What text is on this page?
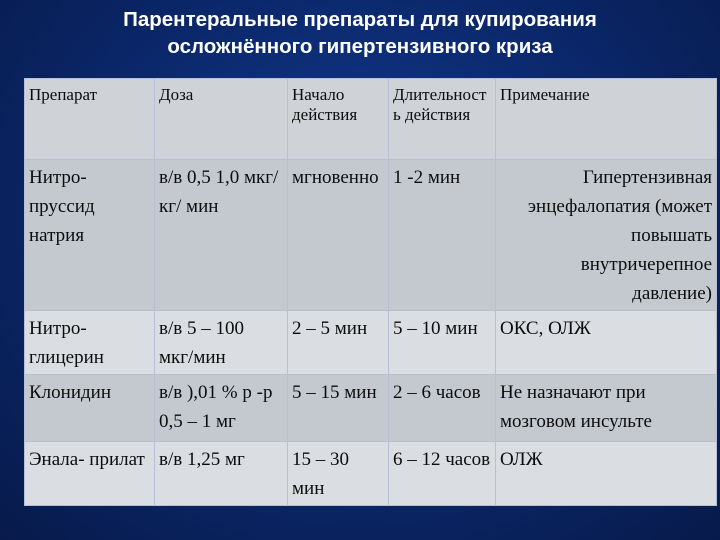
Парентеральные препараты для купирования
осложнённого гипертензивного криза
Препарат	Доза	Начало действия	Длительность действия	Примечание
Нитро- пруссид натрия	в/в 0,5 1,0 мкг/кг/ мин	мгновенно	1 -2 мин	Гипертензивная энцефалопатия (может повышать внутричерепное давление)
Нитро- глицерин	в/в 5 – 100 мкг/мин	2 – 5 мин	5 – 10 мин	ОКС, ОЛЖ
Клонидин	в/в ),01 % р -р 0,5 – 1 мг	5 – 15 мин	2 – 6 часов	Не назначают при мозговом инсульте
Энала- прилат	в/в 1,25 мг	15 – 30 мин	6 – 12 часов	ОЛЖ
